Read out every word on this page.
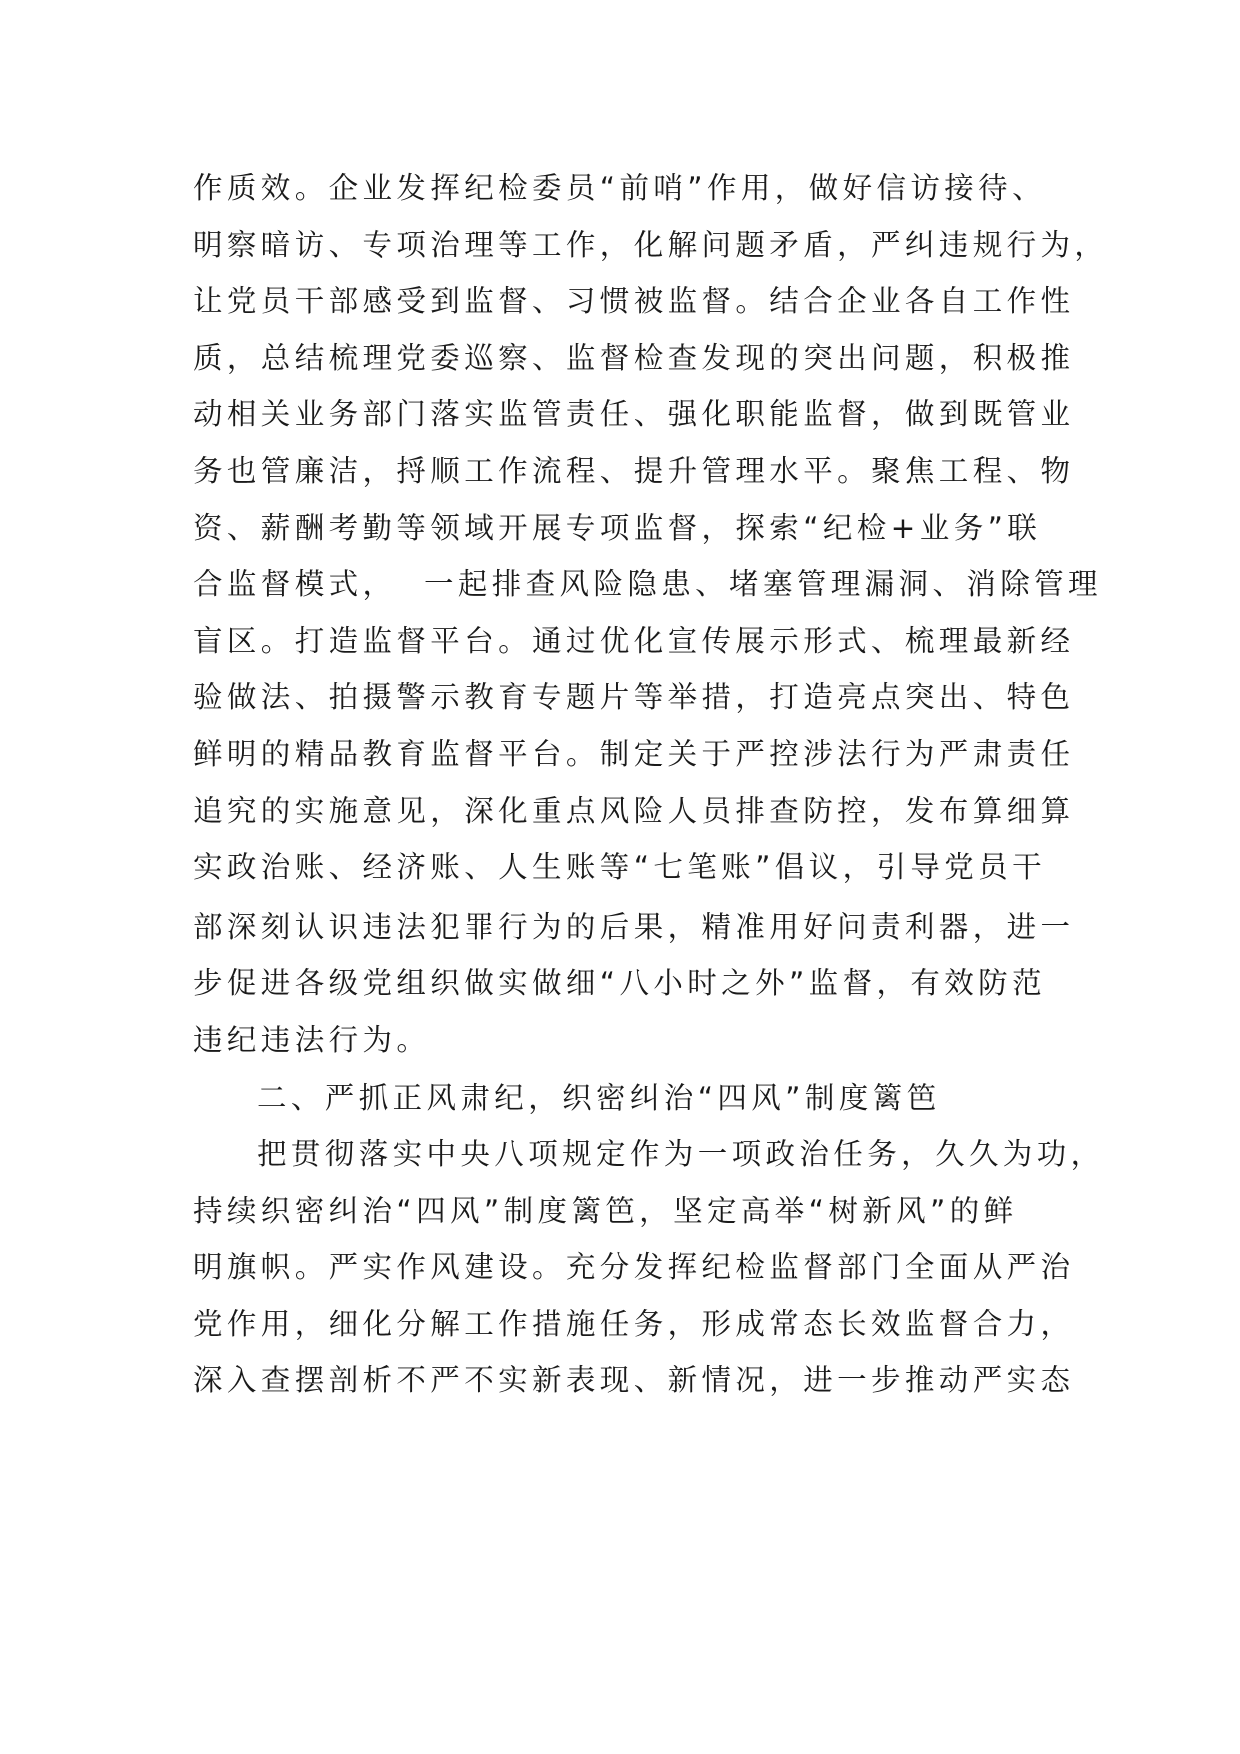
作质效。企业发挥纪检委员“前哨”作用，做好信访接待、
明察暗访、专项治理等工作，化解问题矛盾，严纠违规行为，
让党员干部感受到监督、习惯被监督。结合企业各自工作性
质，总结梳理党委巡察、监督检查发现的突出问题，积极推
动相关业务部门落实监管责任、强化职能监督，做到既管业
务也管廉洁，捋顺工作流程、提升管理水平。聚焦工程、物
资、薪酬考勤等领域开展专项监督，探索“纪检+业务”联
合监督模式，  一起排查风险隐患、堵塞管理漏洞、消除管理
盲区。打造监督平台。通过优化宣传展示形式、梳理最新经
验做法、拍摄警示教育专题片等举措，打造亮点突出、特色
鲜明的精品教育监督平台。制定关于严控涉法行为严肃责任
追究的实施意见，深化重点风险人员排查防控，发布算细算
实政治账、经济账、人生账等“七笔账”倡议，引导党员干
部深刻认识违法犯罪行为的后果，精准用好问责利器，进一
步促进各级党组织做实做细“八小时之外”监督，有效防范
违纪违法行为。
二、严抓正风肃纪，织密纠治“四风”制度篱笆
把贯彻落实中央八项规定作为一项政治任务，久久为功，
持续织密纠治“四风”制度篱笆，坚定高举“树新风”的鲜
明旗帜。严实作风建设。充分发挥纪检监督部门全面从严治
党作用，细化分解工作措施任务，形成常态长效监督合力，
深入查摆剖析不严不实新表现、新情况，进一步推动严实态
